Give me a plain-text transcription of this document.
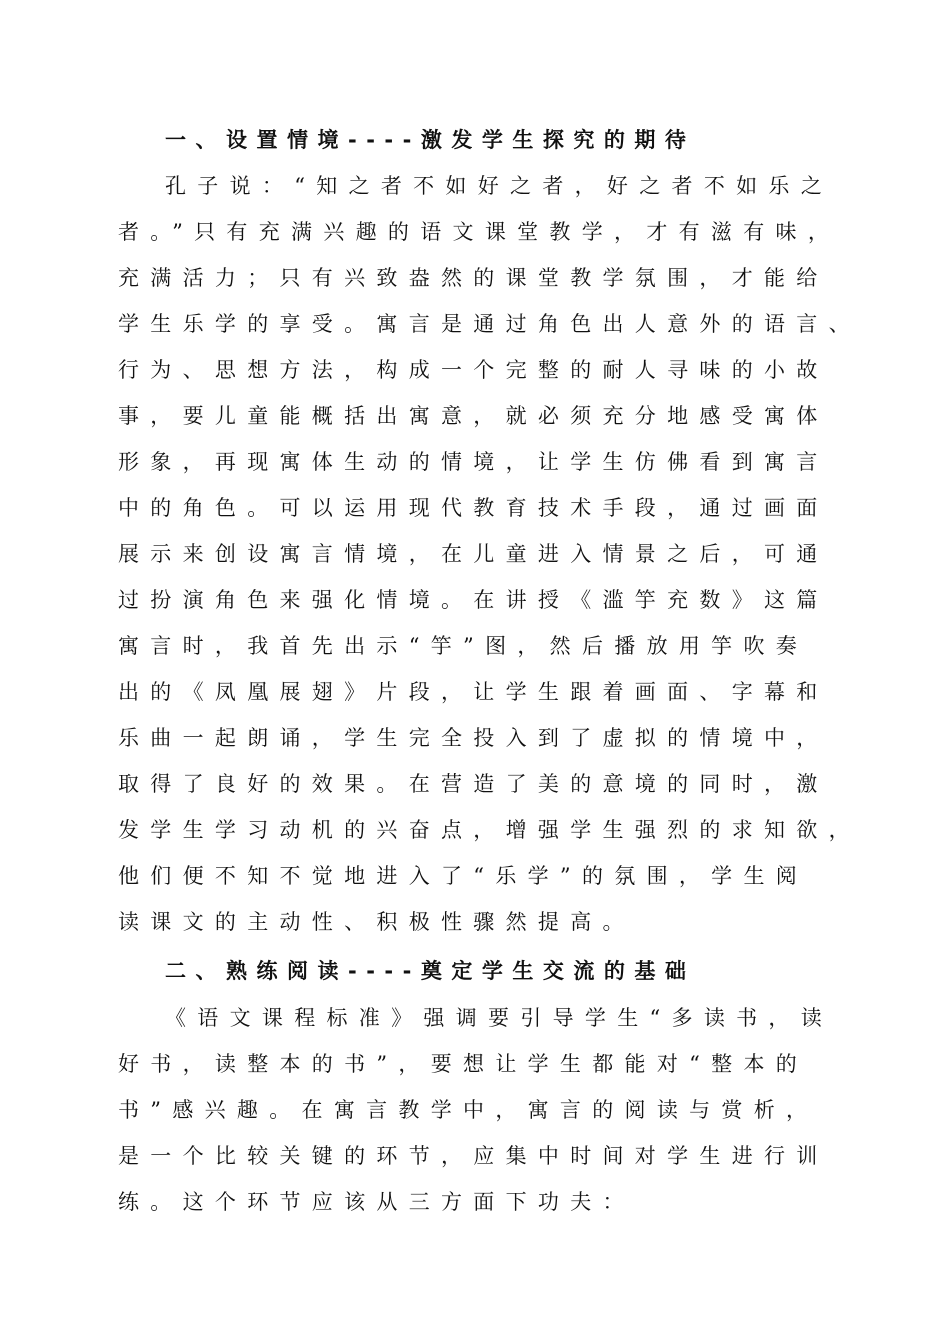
一、设置情境----激发学生探究的期待
孔子说：“知之者不如好之者，好之者不如乐之
者。”只有充满兴趣的语文课堂教学，才有滋有味，
充满活力；只有兴致盎然的课堂教学氛围，才能给
学生乐学的享受。寓言是通过角色出人意外的语言、
行为、思想方法，构成一个完整的耐人寻味的小故
事，要儿童能概括出寓意，就必须充分地感受寓体
形象，再现寓体生动的情境，让学生仿佛看到寓言
中的角色。可以运用现代教育技术手段，通过画面
展示来创设寓言情境，在儿童进入情景之后，可通
过扮演角色来强化情境。在讲授《滥竽充数》这篇
寓言时，我首先出示“竽”图，然后播放用竽吹奏
出的《凤凰展翅》片段，让学生跟着画面、字幕和
乐曲一起朗诵，学生完全投入到了虚拟的情境中，
取得了良好的效果。在营造了美的意境的同时，激
发学生学习动机的兴奋点，增强学生强烈的求知欲，
他们便不知不觉地进入了“乐学”的氛围，学生阅
读课文的主动性、积极性骤然提高。
二、熟练阅读----奠定学生交流的基础
《语文课程标准》强调要引导学生“多读书，读
好书，读整本的书”，要想让学生都能对“整本的
书”感兴趣。在寓言教学中，寓言的阅读与赏析，
是一个比较关键的环节，应集中时间对学生进行训
练。这个环节应该从三方面下功夫：
